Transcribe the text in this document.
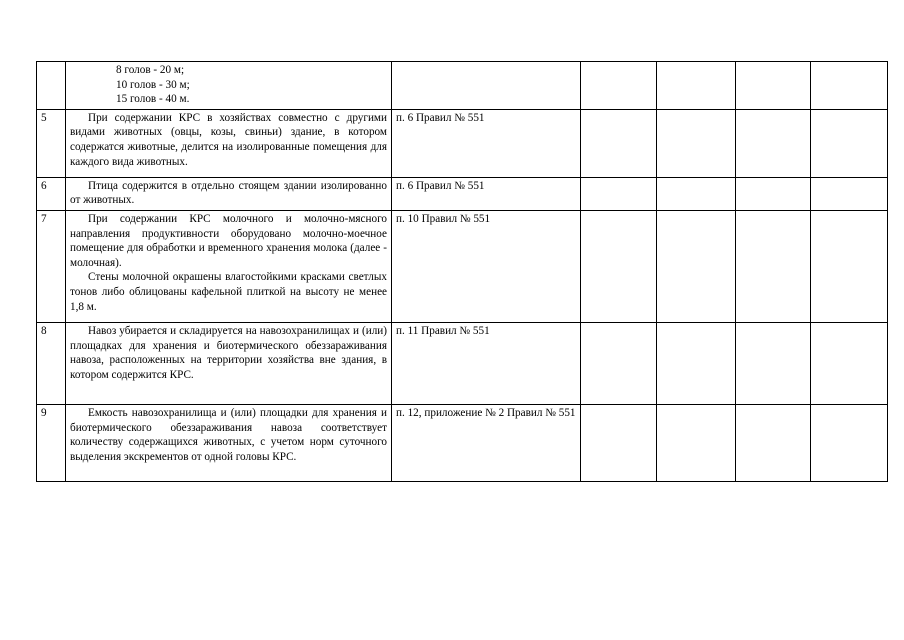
	8 голов - 20 м;
10 голов - 30 м;
15 голов - 40 м.					

5	При содержании КРС в хозяйствах совместно с другими видами животных (овцы, козы, свиньи) здание, в котором содержатся животные, делится на изолированные помещения для каждого вида животных.	п. 6 Правил № 551				
6	Птица содержится в отдельно стоящем здании изолированно от животных.	п. 6 Правил № 551				
7	При содержании КРС молочного и молочно-мясного направления продуктивности оборудовано молочно-моечное помещение для обработки и временного хранения молока (далее - молочная).

Стены молочной окрашены влагостойкими красками светлых тонов либо облицованы кафельной плиткой на высоту не менее 1,8 м.	п. 10 Правил № 551				
8	Навоз убирается и складируется на навозохранилищах и (или) площадках для хранения и биотермического обеззараживания навоза, расположенных на территории хозяйства вне здания, в котором содержится КРС.	п. 11 Правил № 551				
9	Емкость навозохранилища и (или) площадки для хранения и биотермического обеззараживания навоза соответствует количеству содержащихся животных, с учетом норм суточного выделения экскрементов от одной головы КРС.	п. 12, приложение № 2 Правил № 551				
